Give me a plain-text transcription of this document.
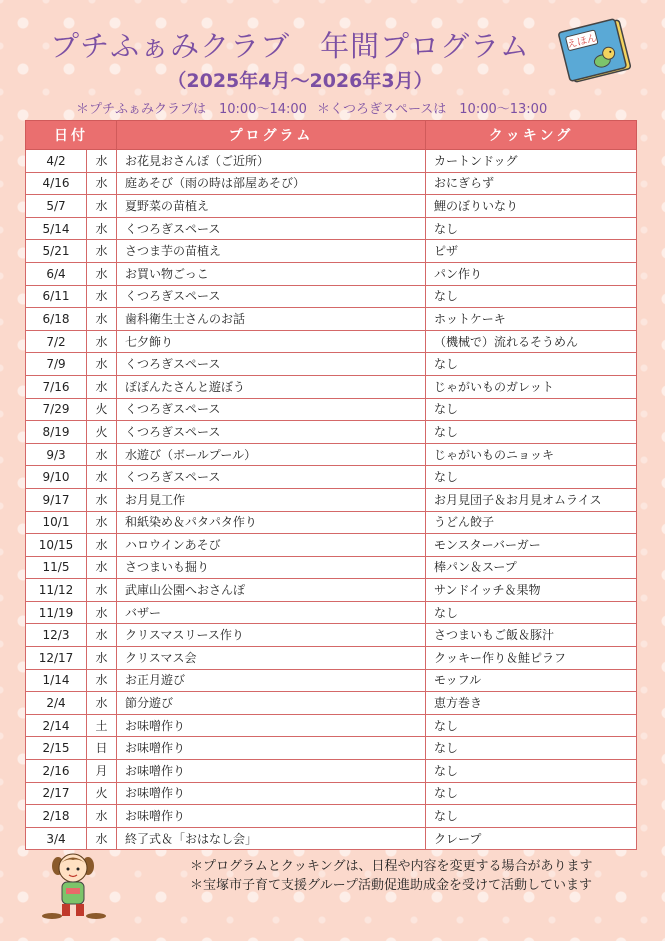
プチふぁみクラブ　年間プログラム
（2025年4月～2026年3月）
＊プチふぁみクラブは　10:00～14:00 ＊くつろぎスペースは　10:00～13:00
えほん
日付		プログラム	クッキング
4/2	水	お花見おさんぽ（ご近所）	カートンドッグ
4/16	水	庭あそび（雨の時は部屋あそび）	おにぎらず
5/7	水	夏野菜の苗植え	鯉のぼりいなり
5/14	水	くつろぎスペース	なし
5/21	水	さつま芋の苗植え	ピザ
6/4	水	お買い物ごっこ	パン作り
6/11	水	くつろぎスペース	なし
6/18	水	歯科衛生士さんのお話	ホットケーキ
7/2	水	七夕飾り	（機械で）流れるそうめん
7/9	水	くつろぎスペース	なし
7/16	水	ぽぽんたさんと遊ぼう	じゃがいものガレット
7/29	火	くつろぎスペース	なし
8/19	火	くつろぎスペース	なし
9/3	水	水遊び（ボールプール）	じゃがいものニョッキ
9/10	水	くつろぎスペース	なし
9/17	水	お月見工作	お月見団子＆お月見オムライス
10/1	水	和紙染め＆パタパタ作り	うどん餃子
10/15	水	ハロウインあそび	モンスターバーガー
11/5	水	さつまいも掘り	棒パン＆スープ
11/12	水	武庫山公園へおさんぽ	サンドイッチ＆果物
11/19	水	バザー	なし
12/3	水	クリスマスリース作り	さつまいもご飯＆豚汁
12/17	水	クリスマス会	クッキー作り＆鮭ピラフ
1/14	水	お正月遊び	モッフル
2/4	水	節分遊び	恵方巻き
2/14	土	お味噌作り	なし
2/15	日	お味噌作り	なし
2/16	月	お味噌作り	なし
2/17	火	お味噌作り	なし
2/18	水	お味噌作り	なし
3/4	水	終了式＆「おはなし会」	クレープ
＊プログラムとクッキングは、日程や内容を変更する場合があります
＊宝塚市子育て支援グループ活動促進助成金を受けて活動しています
